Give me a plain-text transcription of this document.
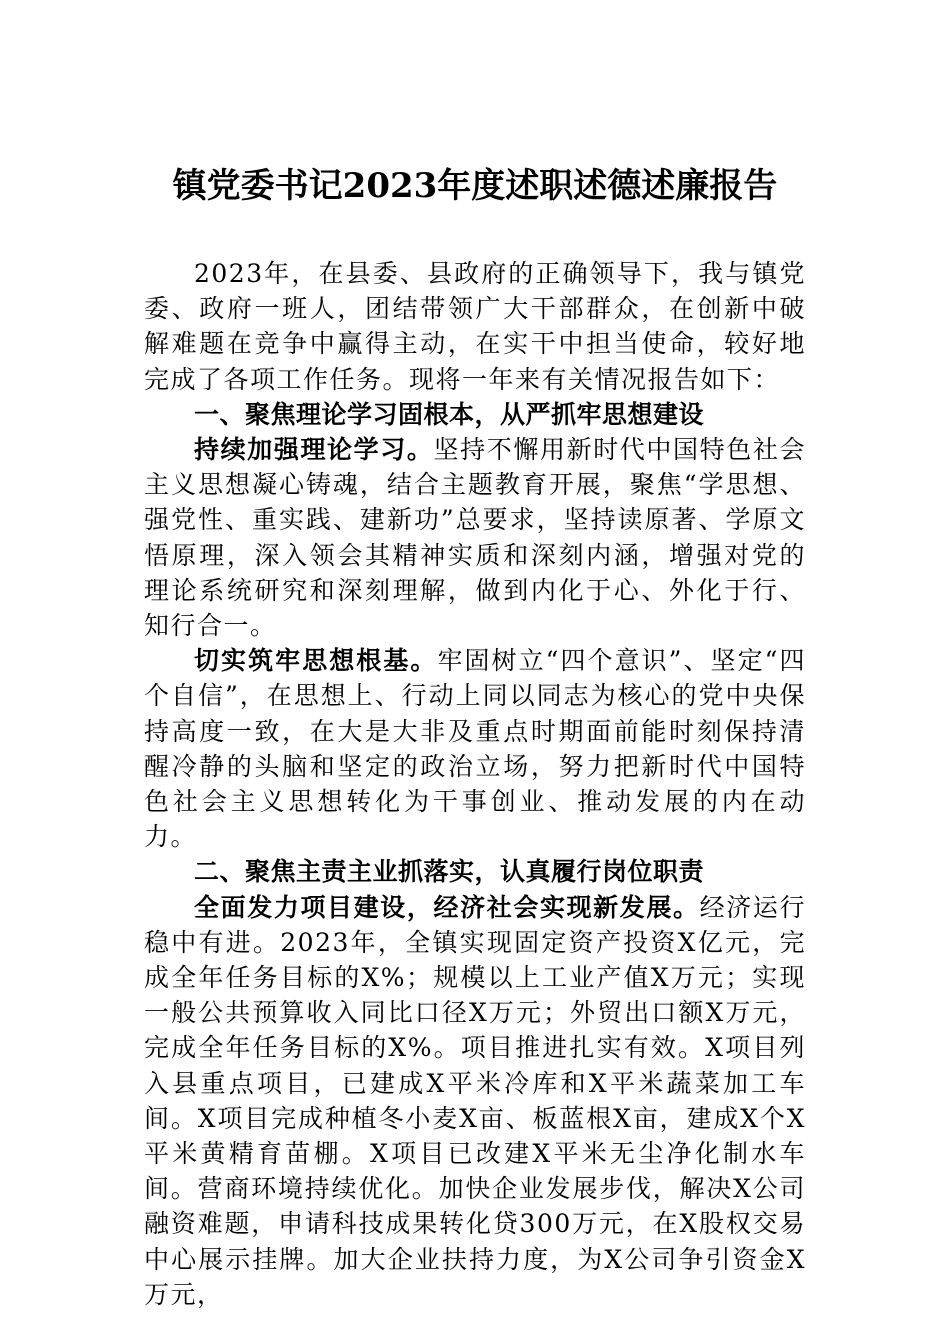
镇党委书记2023年度述职述德述廉报告

2023年，在县委、县政府的正确领导下，我与镇党委、政府一班人，团结带领广大干部群众，在创新中破解难题在竞争中赢得主动，在实干中担当使命，较好地完成了各项工作任务。现将一年来有关情况报告如下：

一、聚焦理论学习固根本，从严抓牢思想建设

持续加强理论学习。坚持不懈用新时代中国特色社会主义思想凝心铸魂，结合主题教育开展，聚焦“学思想、强党性、重实践、建新功”总要求，坚持读原著、学原文悟原理，深入领会其精神实质和深刻内涵，增强对党的理论系统研究和深刻理解，做到内化于心、外化于行、知行合一。

切实筑牢思想根基。牢固树立“四个意识”、坚定“四个自信”，在思想上、行动上同以同志为核心的党中央保持高度一致，在大是大非及重点时期面前能时刻保持清醒冷静的头脑和坚定的政治立场，努力把新时代中国特色社会主义思想转化为干事创业、推动发展的内在动力。

二、聚焦主责主业抓落实，认真履行岗位职责

全面发力项目建设，经济社会实现新发展。经济运行稳中有进。2023年，全镇实现固定资产投资X亿元，完成全年任务目标的X%；规模以上工业产值X万元；实现一般公共预算收入同比口径X万元；外贸出口额X万元，完成全年任务目标的X%。项目推进扎实有效。X项目列入县重点项目，已建成X平米冷库和X平米蔬菜加工车间。X项目完成种植冬小麦X亩、板蓝根X亩，建成X个X平米黄精育苗棚。X项目已改建X平米无尘净化制水车间。营商环境持续优化。加快企业发展步伐，解决X公司融资难题，申请科技成果转化贷300万元，在X股权交易中心展示挂牌。加大企业扶持力度，为X公司争引资金X万元，
